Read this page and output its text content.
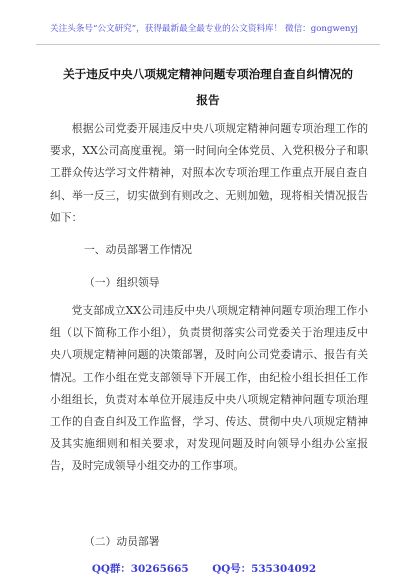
关注头条号“公文研究”，获得最新最全最专业的公文资料库！ 微信：gongwenyj
关于违反中央八项规定精神问题专项治理自查自纠情况的
报告
根据公司党委开展违反中央八项规定精神问题专项治理工作的要求，XX公司高度重视。第一时间向全体党员、入党积极分子和职工群众传达学习文件精神，对照本次专项治理工作重点开展自查自纠、举一反三，切实做到有则改之、无则加勉，现将相关情况报告如下：
一、动员部署工作情况
（一）组织领导
党支部成立XX公司违反中央八项规定精神问题专项治理工作小组（以下简称工作小组），负责贯彻落实公司党委关于治理违反中央八项规定精神问题的决策部署，及时向公司党委请示、报告有关情况。工作小组在党支部领导下开展工作，由纪检小组长担任工作小组组长，负责对本单位开展违反中央八项规定精神问题专项治理工作的自查自纠及工作监督，学习、传达、贯彻中央八项规定精神及其实施细则和相关要求，对发现问题及时向领导小组办公室报告，及时完成领导小组交办的工作事项。
（二）动员部署
QQ群：30265665 QQ号：535304092
